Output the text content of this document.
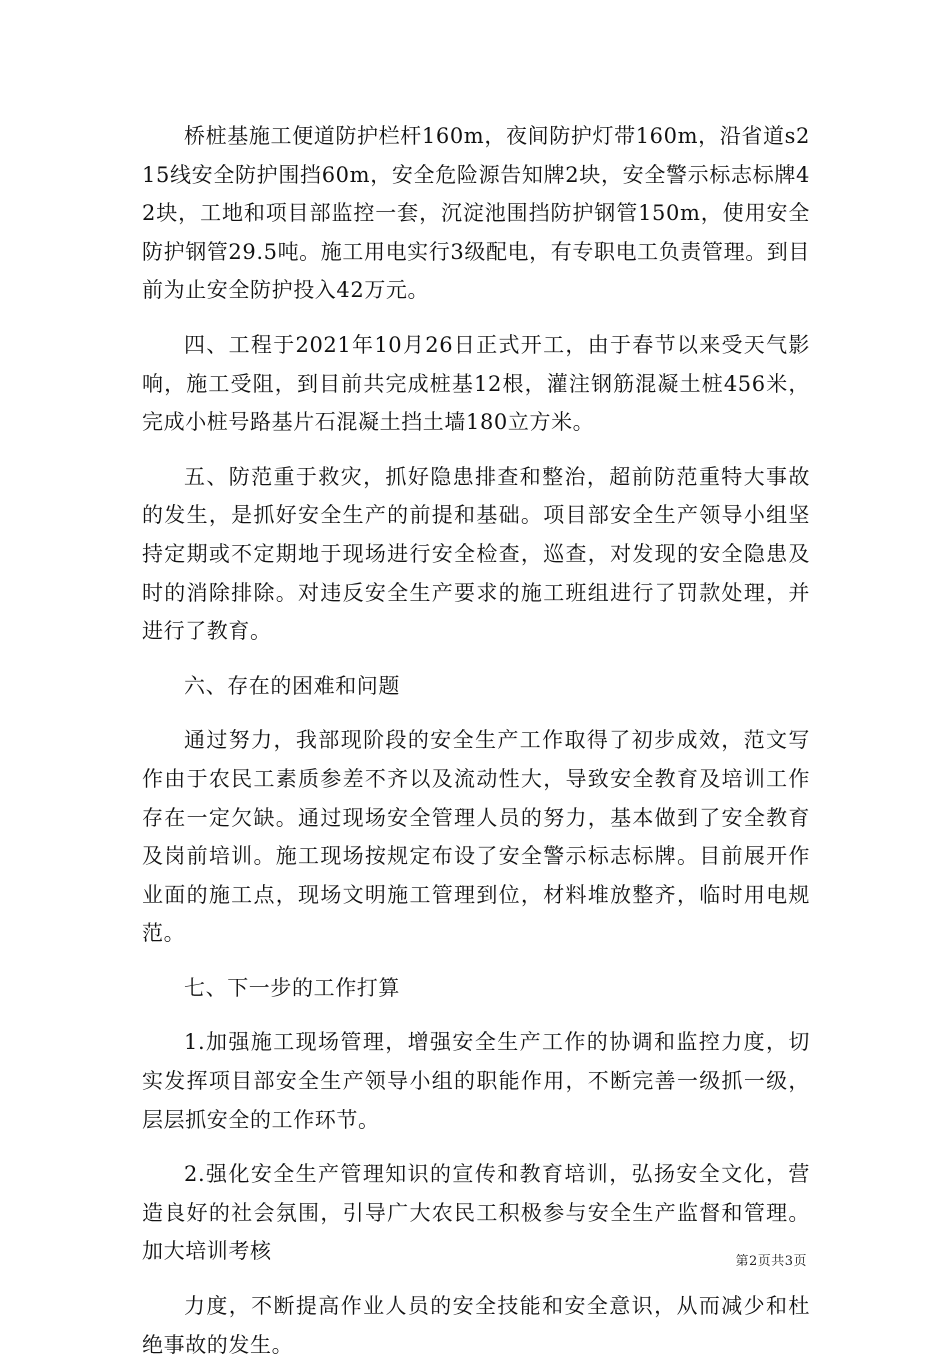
桥桩基施工便道防护栏杆160m，夜间防护灯带160m，沿省道s215线安全防护围挡60m，安全危险源告知牌2块，安全警示标志标牌42块，工地和项目部监控一套，沉淀池围挡防护钢管150m，使用安全防护钢管29.5吨。施工用电实行3级配电，有专职电工负责管理。到目前为止安全防护投入42万元。

四、工程于2021年10月26日正式开工，由于春节以来受天气影响，施工受阻，到目前共完成桩基12根，灌注钢筋混凝土桩456米，完成小桩号路基片石混凝土挡土墙180立方米。

五、防范重于救灾，抓好隐患排查和整治，超前防范重特大事故的发生，是抓好安全生产的前提和基础。项目部安全生产领导小组坚持定期或不定期地于现场进行安全检查，巡查，对发现的安全隐患及时的消除排除。对违反安全生产要求的施工班组进行了罚款处理，并进行了教育。

六、存在的困难和问题

通过努力，我部现阶段的安全生产工作取得了初步成效，范文写作由于农民工素质参差不齐以及流动性大，导致安全教育及培训工作存在一定欠缺。通过现场安全管理人员的努力，基本做到了安全教育及岗前培训。施工现场按规定布设了安全警示标志标牌。目前展开作业面的施工点，现场文明施工管理到位，材料堆放整齐，临时用电规范。

七、下一步的工作打算

1.加强施工现场管理，增强安全生产工作的协调和监控力度，切实发挥项目部安全生产领导小组的职能作用，不断完善一级抓一级，层层抓安全的工作环节。

2.强化安全生产管理知识的宣传和教育培训，弘扬安全文化，营造良好的社会氛围，引导广大农民工积极参与安全生产监督和管理。加大培训考核

力度，不断提高作业人员的安全技能和安全意识，从而减少和杜绝事故的发生。

第2页共3页
